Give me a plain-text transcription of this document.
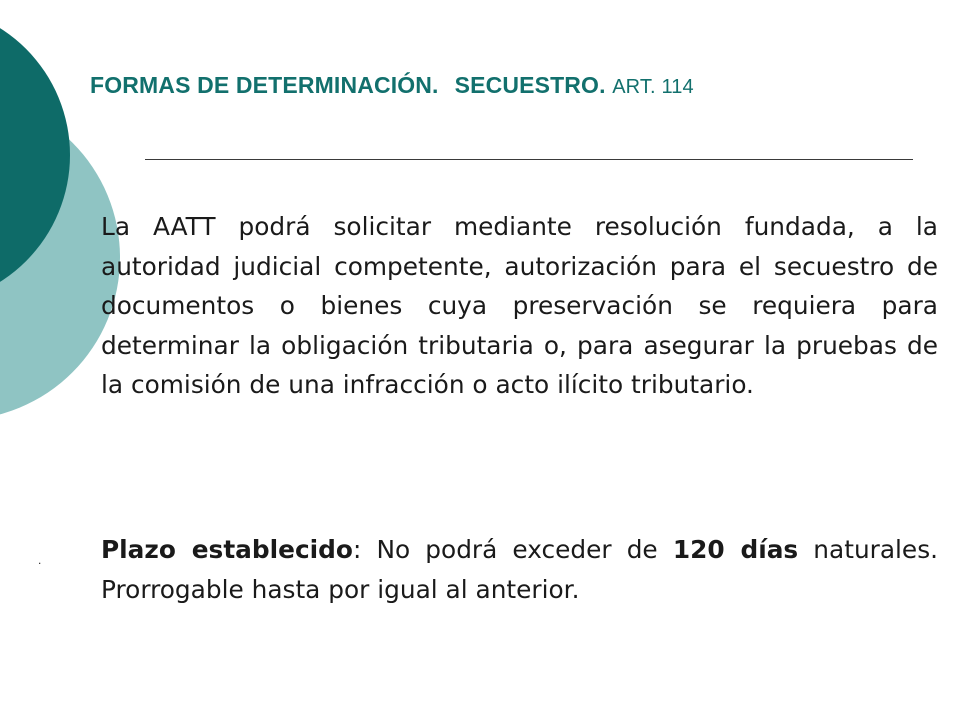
FORMAS DE DETERMINACIÓN. SECUESTRO. ART. 114

La AATT podrá solicitar mediante resolución fundada, a la autoridad judicial competente, autorización para el secuestro de documentos o bienes cuya preservación se requiera para determinar la obligación tributaria o, para asegurar la pruebas de la comisión de una infracción o acto ilícito tributario.

. Plazo establecido: No podrá exceder de 120 días naturales. Prorrogable hasta por igual al anterior.
